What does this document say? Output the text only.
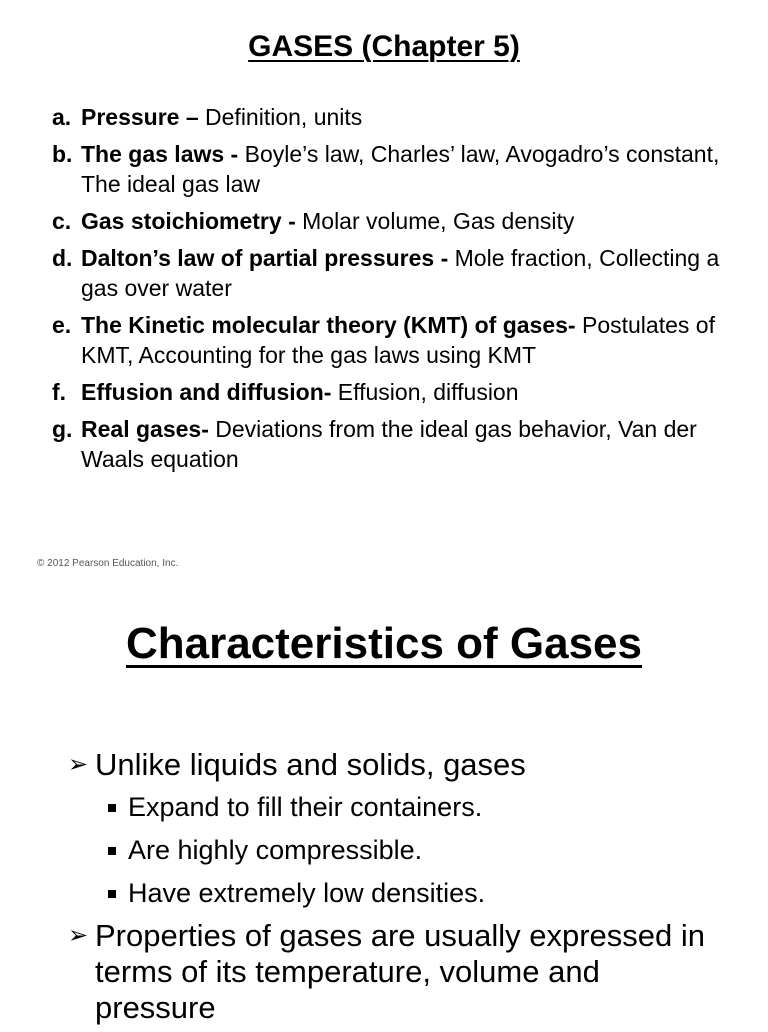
GASES (Chapter 5)
a. Pressure – Definition, units
b. The gas laws - Boyle’s law, Charles’ law, Avogadro’s constant, The ideal gas law
c. Gas stoichiometry - Molar volume, Gas density
d. Dalton’s law of partial pressures - Mole fraction, Collecting a gas over water
e. The Kinetic molecular theory (KMT) of gases- Postulates of KMT, Accounting for the gas laws using KMT
f. Effusion and diffusion- Effusion, diffusion
g. Real gases- Deviations from the ideal gas behavior, Van der Waals equation

© 2012 Pearson Education, Inc.

Characteristics of Gases
➢ Unlike liquids and solids, gases
Expand to fill their containers.
Are highly compressible.
Have extremely low densities.
➢ Properties of gases are usually expressed in terms of its temperature, volume and pressure
